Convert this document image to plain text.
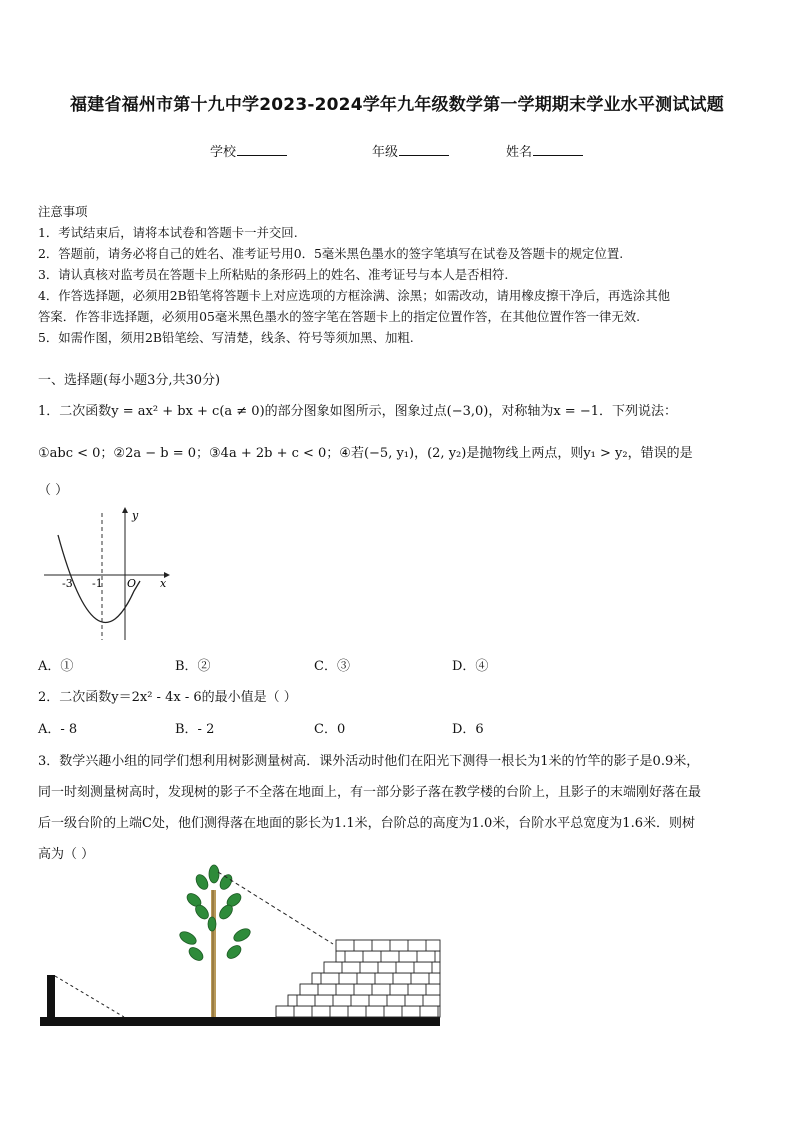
福建省福州市第十九中学2023-2024学年九年级数学第一学期期末学业水平测试试题
学校	年级	姓名
注意事项
1．考试结束后，请将本试卷和答题卡一并交回.
2．答题前，请务必将自己的姓名、准考证号用0．5毫米黑色墨水的签字笔填写在试卷及答题卡的规定位置.
3．请认真核对监考员在答题卡上所粘贴的条形码上的姓名、准考证号与本人是否相符.
4．作答选择题，必须用2B铅笔将答题卡上对应选项的方框涂满、涂黑；如需改动，请用橡皮擦干净后，再选涂其他
答案．作答非选择题，必须用05毫米黑色墨水的签字笔在答题卡上的指定位置作答，在其他位置作答一律无效.
5．如需作图，须用2B铅笔绘、写清楚，线条、符号等须加黑、加粗.
一、选择题(每小题3分,共30分)
1．二次函数y = ax² + bx + c(a ≠ 0)的部分图象如图所示，图象过点(−3,0)，对称轴为x = −1．下列说法：
①abc < 0；②2a − b = 0；③4a + 2b + c < 0；④若(−5, y₁)，(2, y₂)是抛物线上两点，则y₁ > y₂，错误的是
（ ）
y
x
-3 -1 O
A．①	B．②	C．③	D．④
2．二次函数y＝2x² - 4x - 6的最小值是（ ）
A．- 8	B．- 2	C．0	D．6
3．数学兴趣小组的同学们想利用树影测量树高．课外活动时他们在阳光下测得一根长为1米的竹竿的影子是0.9米，
同一时刻测量树高时，发现树的影子不全落在地面上，有一部分影子落在教学楼的台阶上，且影子的末端刚好落在最
后一级台阶的上端C处，他们测得落在地面的影长为1.1米，台阶总的高度为1.0米，台阶水平总宽度为1.6米．则树
高为（ ）
